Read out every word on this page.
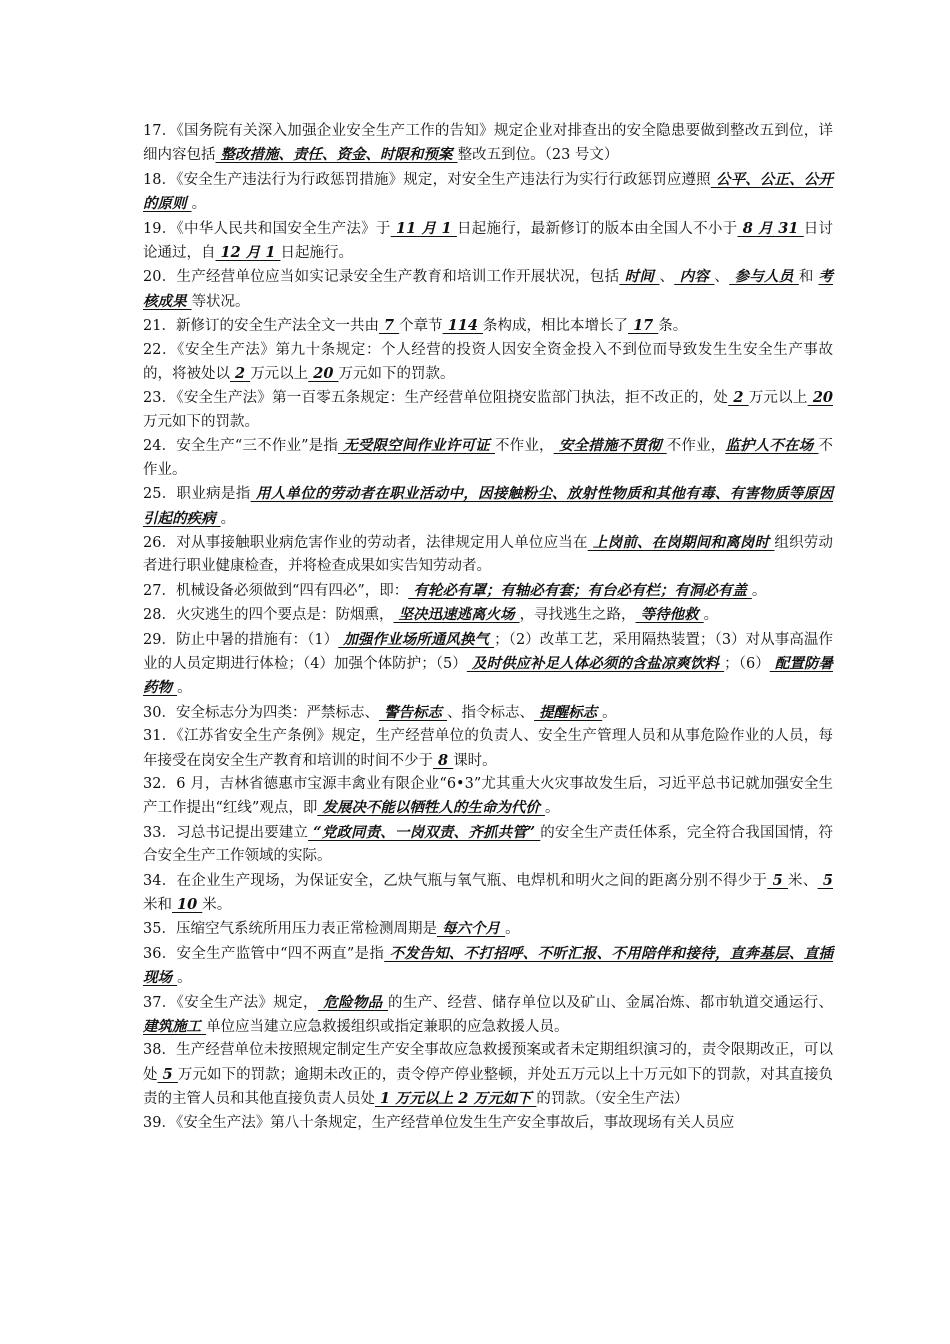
17．《国务院有关深入加强企业安全生产工作的告知》规定企业对排查出的安全隐患要做到整改五到位，详细内容包括 整改措施、责任、资金、时限和预案 整改五到位。（23 号文）

18．《安全生产违法行为行政惩罚措施》规定，对安全生产违法行为实行行政惩罚应遵照 公平、公正、公开的原则 。

19．《中华人民共和国安全生产法》于 11 月 1 日起施行，最新修订的版本由全国人不小于 8 月 31 日讨论通过，自 12 月 1 日起施行。

20．生产经营单位应当如实记录安全生产教育和培训工作开展状况，包括 时间 、 内容 、 参与人员 和 考核成果 等状况。

21．新修订的安全生产法全文一共由 7 个章节 114 条构成，相比本增长了 17 条。

22．《安全生产法》第九十条规定：个人经营的投资人因安全资金投入不到位而导致发生生安全生产事故的，将被处以 2 万元以上 20 万元如下的罚款。

23．《安全生产法》第一百零五条规定：生产经营单位阻挠安监部门执法，拒不改正的，处 2 万元以上 20 万元如下的罚款。

24．安全生产“三不作业”是指 无受限空间作业许可证 不作业， 安全措施不贯彻 不作业，监护人不在场 不作业。

25．职业病是指 用人单位的劳动者在职业活动中，因接触粉尘、放射性物质和其他有毒、有害物质等原因引起的疾病 。

26．对从事接触职业病危害作业的劳动者，法律规定用人单位应当在 上岗前、在岗期间和离岗时 组织劳动者进行职业健康检查，并将检查成果如实告知劳动者。

27．机械设备必须做到“四有四必”，即： 有轮必有罩；有轴必有套；有台必有栏；有洞必有盖 。

28．火灾逃生的四个要点是：防烟熏， 坚决迅速逃离火场 ，寻找逃生之路， 等待他救 。

29．防止中暑的措施有：（1） 加强作业场所通风换气 ；（2）改革工艺，采用隔热装置；（3）对从事高温作业的人员定期进行体检；（4）加强个体防护；（5） 及时供应补足人体必须的含盐凉爽饮料 ；（6） 配置防暑药物 。

30．安全标志分为四类：严禁标志、 警告标志 、指令标志、 提醒标志 。

31．《江苏省安全生产条例》规定，生产经营单位的负责人、安全生产管理人员和从事危险作业的人员，每年接受在岗安全生产教育和培训的时间不少于 8 课时。

32．6 月，吉林省德惠市宝源丰禽业有限企业“6•3”尤其重大火灾事故发生后，习近平总书记就加强安全生产工作提出“红线”观点，即 发展决不能以牺牲人的生命为代价 。

33．习总书记提出要建立 “党政同责、一岗双责、齐抓共管” 的安全生产责任体系，完全符合我国国情，符合安全生产工作领域的实际。

34．在企业生产现场，为保证安全，乙炔气瓶与氧气瓶、电焊机和明火之间的距离分别不得少于 5 米、 5 米和 10 米。

35．压缩空气系统所用压力表正常检测周期是 每六个月 。

36．安全生产监管中“四不两直”是指 不发告知、不打招呼、不听汇报、不用陪伴和接待，直奔基层、直插现场 。

37．《安全生产法》规定， 危险物品 的生产、经营、储存单位以及矿山、金属冶炼、都市轨道交通运行、 建筑施工 单位应当建立应急救援组织或指定兼职的应急救援人员。

38．生产经营单位未按照规定制定生产安全事故应急救援预案或者未定期组织演习的，责令限期改正，可以处 5 万元如下的罚款；逾期未改正的，责令停产停业整顿，并处五万元以上十万元如下的罚款，对其直接负责的主管人员和其他直接负责人员处 1 万元以上 2 万元如下 的罚款。（安全生产法）

39．《安全生产法》第八十条规定，生产经营单位发生生产安全事故后，事故现场有关人员应
